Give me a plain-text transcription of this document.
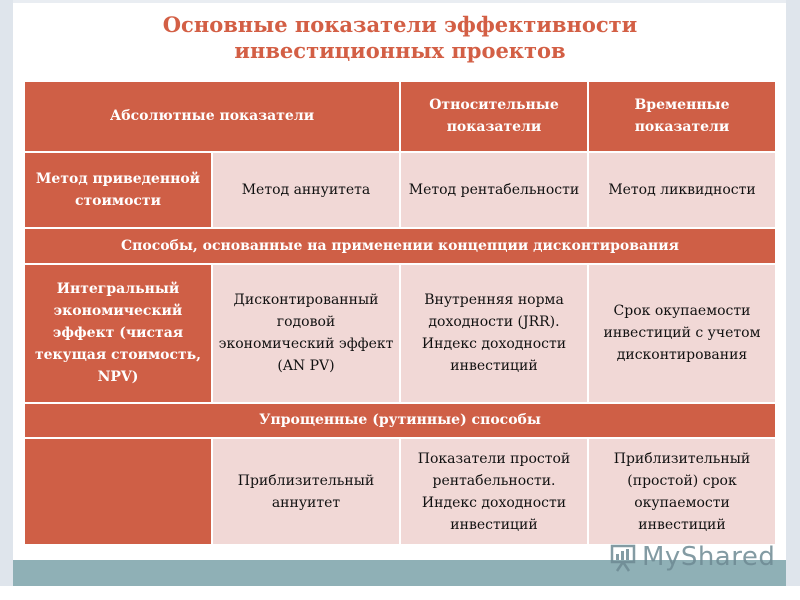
Основные показатели эффективности
инвестиционных проектов
Абсолютные показатели		Относительные показатели	Временные показатели
Метод приведенной стоимости	Метод аннуитета	Метод рентабельности	Метод ликвидности
Способы, основанные на применении концепции дисконтирования			
Интегральный экономический эффект (чистая текущая стоимость, NPV)	Дисконтированный годовой экономический эффект (AN PV)	Внутренняя норма доходности (JRR). Индекс доходности инвестиций	Срок окупаемости инвестиций с учетом дисконтирования
Упрощенные (рутинные) способы			
	Приблизительный аннуитет	Показатели простой рентабельности. Индекс доходности инвестиций	Приблизительный (простой) срок окупаемости инвестиций
MyShared
